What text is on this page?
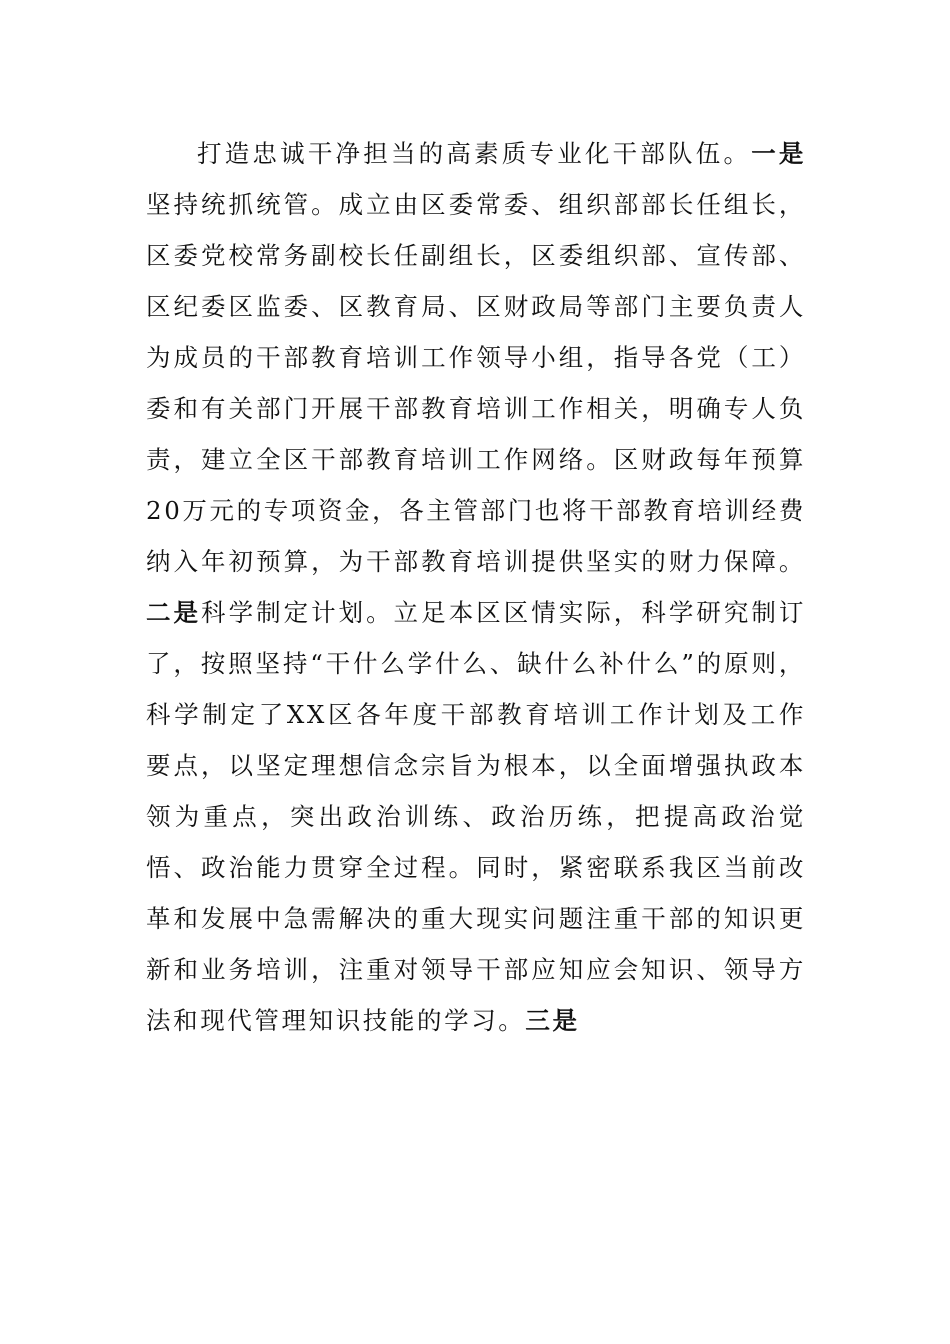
打造忠诚干净担当的高素质专业化干部队伍。一是坚持统抓统管。成立由区委常委、组织部部长任组长，区委党校常务副校长任副组长，区委组织部、宣传部、区纪委区监委、区教育局、区财政局等部门主要负责人为成员的干部教育培训工作领导小组，指导各党（工）委和有关部门开展干部教育培训工作相关，明确专人负责，建立全区干部教育培训工作网络。区财政每年预算20万元的专项资金，各主管部门也将干部教育培训经费纳入年初预算，为干部教育培训提供坚实的财力保障。二是科学制定计划。立足本区区情实际，科学研究制订了，按照坚持“干什么学什么、缺什么补什么”的原则，科学制定了XX区各年度干部教育培训工作计划及工作要点，以坚定理想信念宗旨为根本，以全面增强执政本领为重点，突出政治训练、政治历练，把提高政治觉悟、政治能力贯穿全过程。同时，紧密联系我区当前改革和发展中急需解决的重大现实问题注重干部的知识更新和业务培训，注重对领导干部应知应会知识、领导方法和现代管理知识技能的学习。三是
